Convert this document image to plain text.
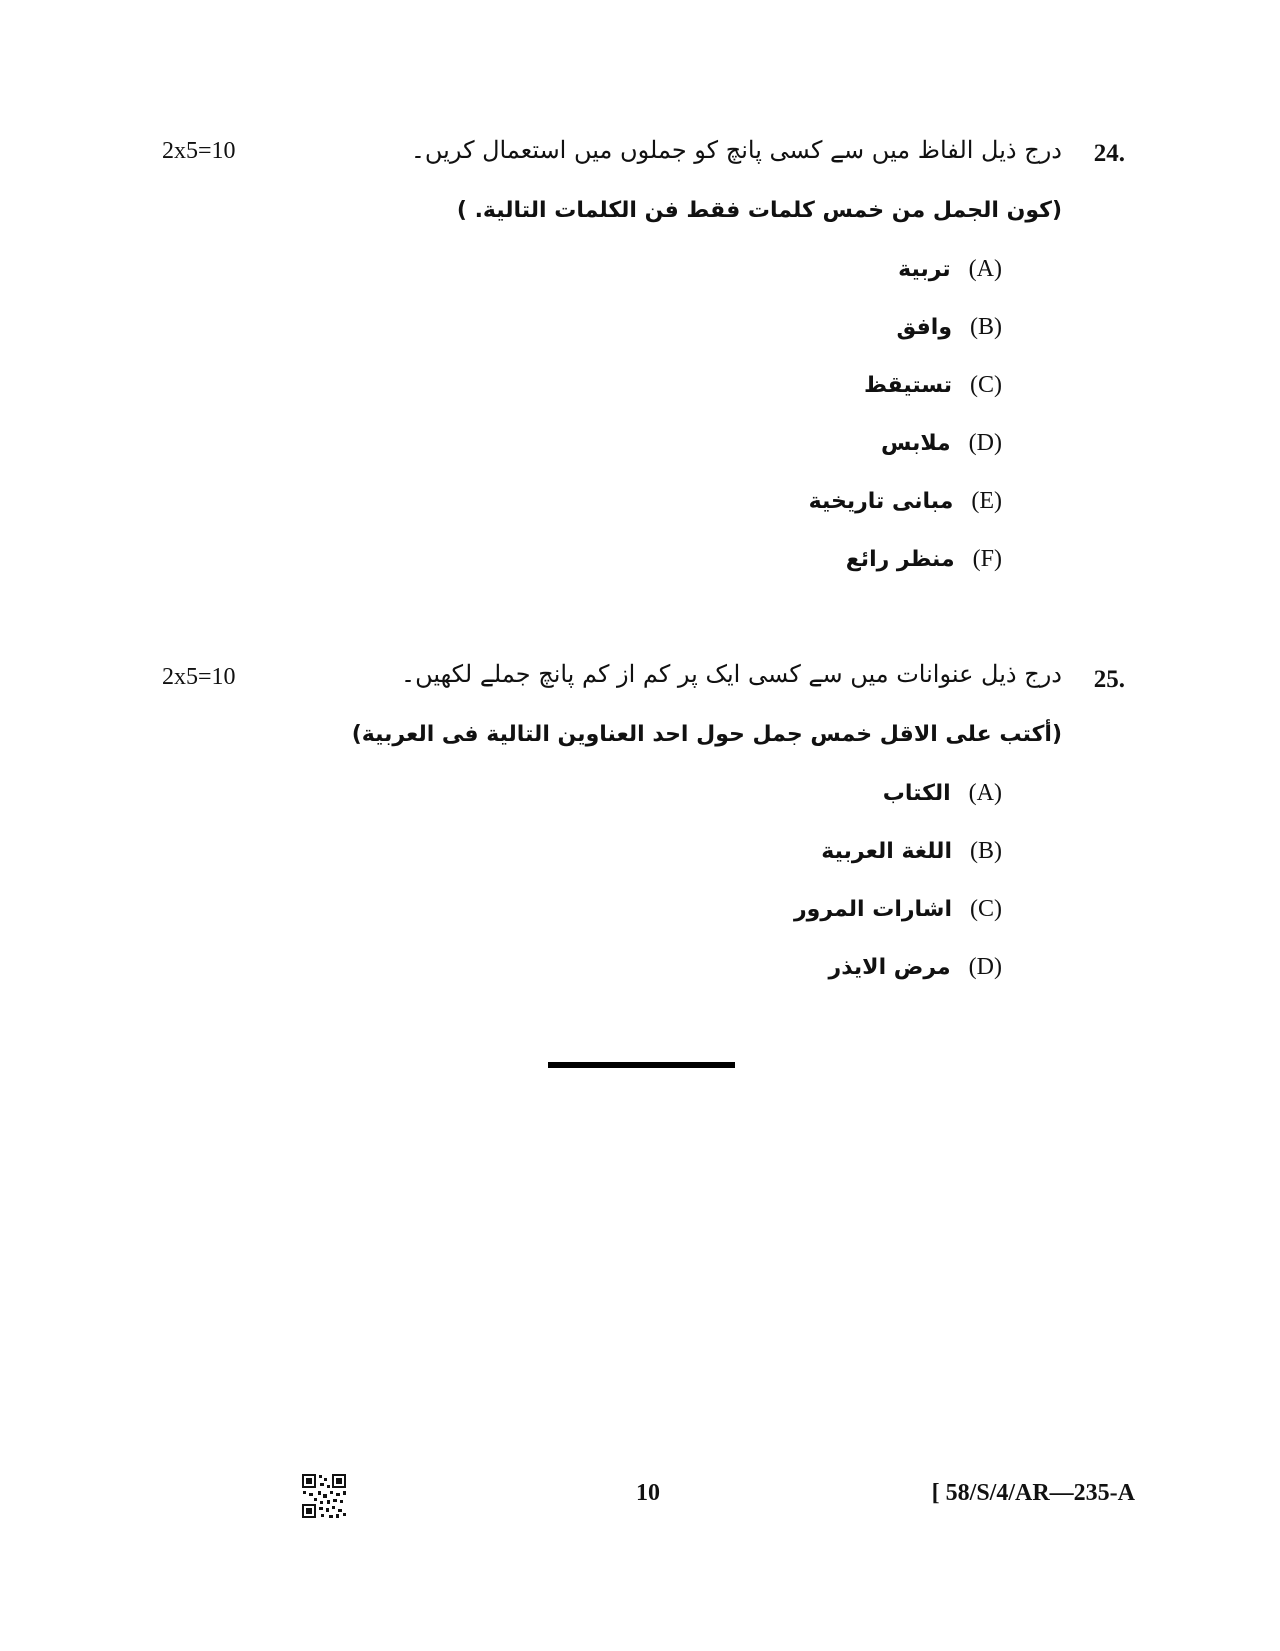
2x5=10	24.
درج ذیل الفاظ میں سے کسی پانچ کو جملوں میں استعمال کریں۔
(كون الجمل من خمس كلمات فقط فن الكلمات التالية. )
(A)
تربية
(B)
وافق
(C)
تستيقظ
(D)
ملابس
(E)
مبانی تاريخية
(F)
منظر رائع
2x5=10	25.
درج ذیل عنوانات میں سے کسی ایک پر کم از کم پانچ جملے لکھیں۔
(أكتب على الاقل خمس جمل حول احد العناوين التالية فى العربية)
(A)
الكتاب
(B)
اللغة العربية
(C)
اشارات المرور
(D)
مرض الايذر
10	[ 58/S/4/AR—235-A
